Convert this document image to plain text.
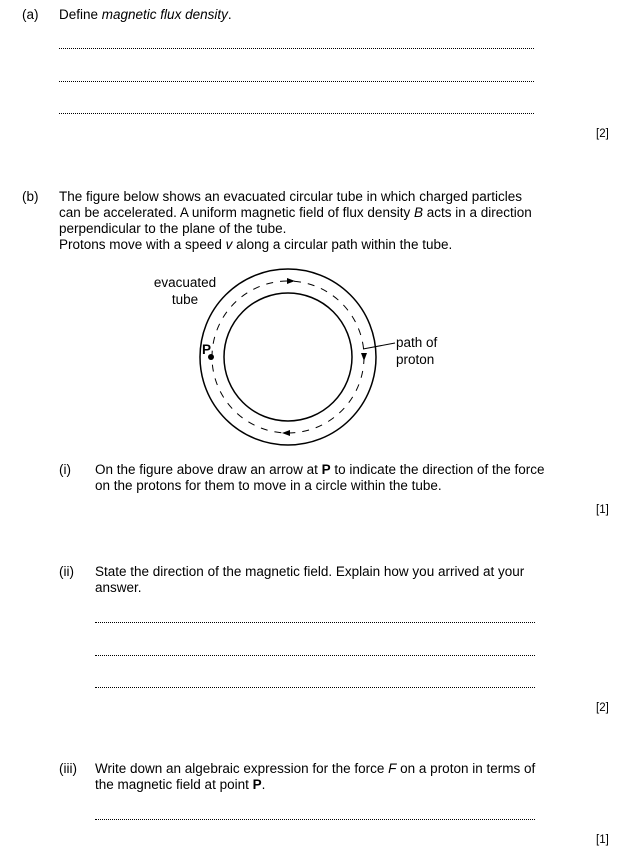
(a) Define magnetic flux density.
[2]
(b) The figure below shows an evacuated circular tube in which charged particles
can be accelerated. A uniform magnetic field of flux density B acts in a direction
perpendicular to the plane of the tube.
Protons move with a speed v along a circular path within the tube.
evacuated
tube
path of
proton
P
(i) On the figure above draw an arrow at P to indicate the direction of the force
on the protons for them to move in a circle within the tube.
[1]
(ii) State the direction of the magnetic field. Explain how you arrived at your
answer.
[2]
(iii) Write down an algebraic expression for the force F on a proton in terms of
the magnetic field at point P.
[1]
